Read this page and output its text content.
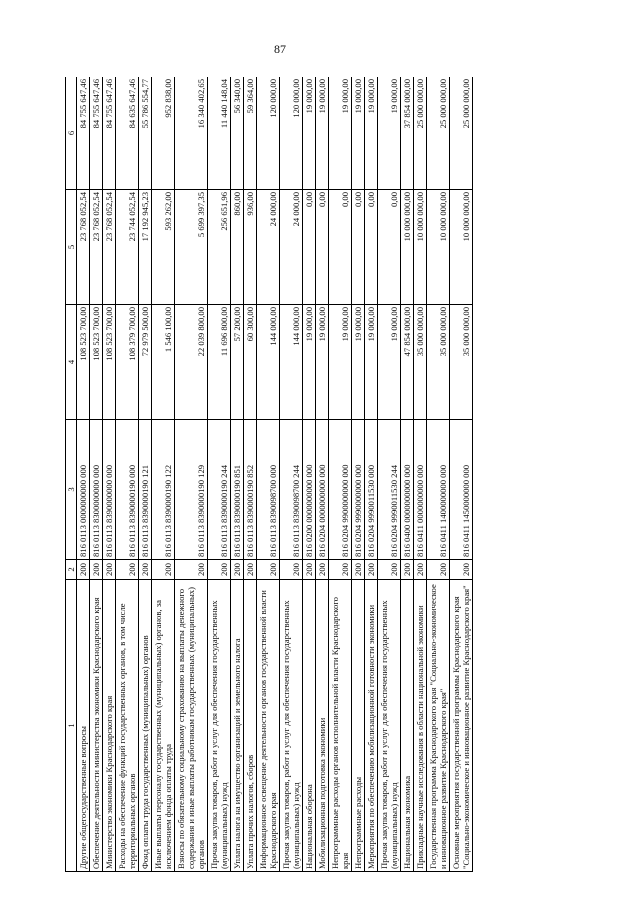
87
1	2	3	4	5	6
Другие общегосударственные вопросы	200	816 0113 0000000000 000	108 523 700,00	23 768 052,54	84 755 647,46
Обеспечение деятельности министерства экономики Краснодарского края	200	816 0113 8300000000 000	108 523 700,00	23 768 052,54	84 755 647,46
Министерство экономики Краснодарского края	200	816 0113 8390000000 000	108 523 700,00	23 768 052,54	84 755 647,46
Расходы на обеспечение функций государственных органов, в том числе территориальных органов	200	816 0113 8390000190 000	108 379 700,00	23 744 052,54	84 635 647,46
Фонд оплаты труда государственных (муниципальных) органов	200	816 0113 8390000190 121	72 979 500,00	17 192 945,23	55 786 554,77
Иные выплаты персоналу государственных (муниципальных) органов, за исключением фонда оплаты труда	200	816 0113 8390000190 122	1 546 100,00	593 262,00	952 838,00
Взносы по обязательному социальному страхованию на выплаты денежного содержания и иные выплаты работникам государственных (муниципальных) органов	200	816 0113 8390000190 129	22 039 800,00	5 699 397,35	16 340 402,65
Прочая закупка товаров, работ и услуг для обеспечения государственных (муниципальных) нужд	200	816 0113 8390000190 244	11 696 800,00	256 651,96	11 440 148,04
Уплата налога на имущество организаций и земельного налога	200	816 0113 8390000190 851	57 200,00	860,00	56 340,00
Уплата прочих налогов, сборов	200	816 0113 8390000190 852	60 300,00	936,00	59 364,00
Информационное освещение деятельности органов государственной власти Краснодарского края	200	816 0113 8390098700 000	144 000,00	24 000,00	120 000,00
Прочая закупка товаров, работ и услуг для обеспечения государственных (муниципальных) нужд	200	816 0113 8390098700 244	144 000,00	24 000,00	120 000,00
Национальная оборона	200	816 0200 0000000000 000	19 000,00	0,00	19 000,00
Мобилизационная подготовка экономики	200	816 0204 0000000000 000	19 000,00	0,00	19 000,00
Непрограммные расходы органов исполнительной власти Краснодарского края	200	816 0204 9900000000 000	19 000,00	0,00	19 000,00
Непрограммные расходы	200	816 0204 9990000000 000	19 000,00	0,00	19 000,00
Мероприятия по обеспечению мобилизационной готовности экономики	200	816 0204 9990011530 000	19 000,00	0,00	19 000,00
Прочая закупка товаров, работ и услуг для обеспечения государственных (муниципальных) нужд	200	816 0204 9990011530 244	19 000,00	0,00	19 000,00
Национальная экономика	200	816 0400 0000000000 000	47 854 000,00	10 000 000,00	37 854 000,00
Прикладные научные исследования в области национальной экономики	200	816 0411 0000000000 000	35 000 000,00	10 000 000,00	25 000 000,00
Государственная программа Краснодарского края "Социально-экономическое и инновационное развитие Краснодарского края"	200	816 0411 1400000000 000	35 000 000,00	10 000 000,00	25 000 000,00
Основные мероприятия государственной программы Краснодарского края "Социально-экономическое и инновационное развитие Краснодарского края"	200	816 0411 1450000000 000	35 000 000,00	10 000 000,00	25 000 000,00
